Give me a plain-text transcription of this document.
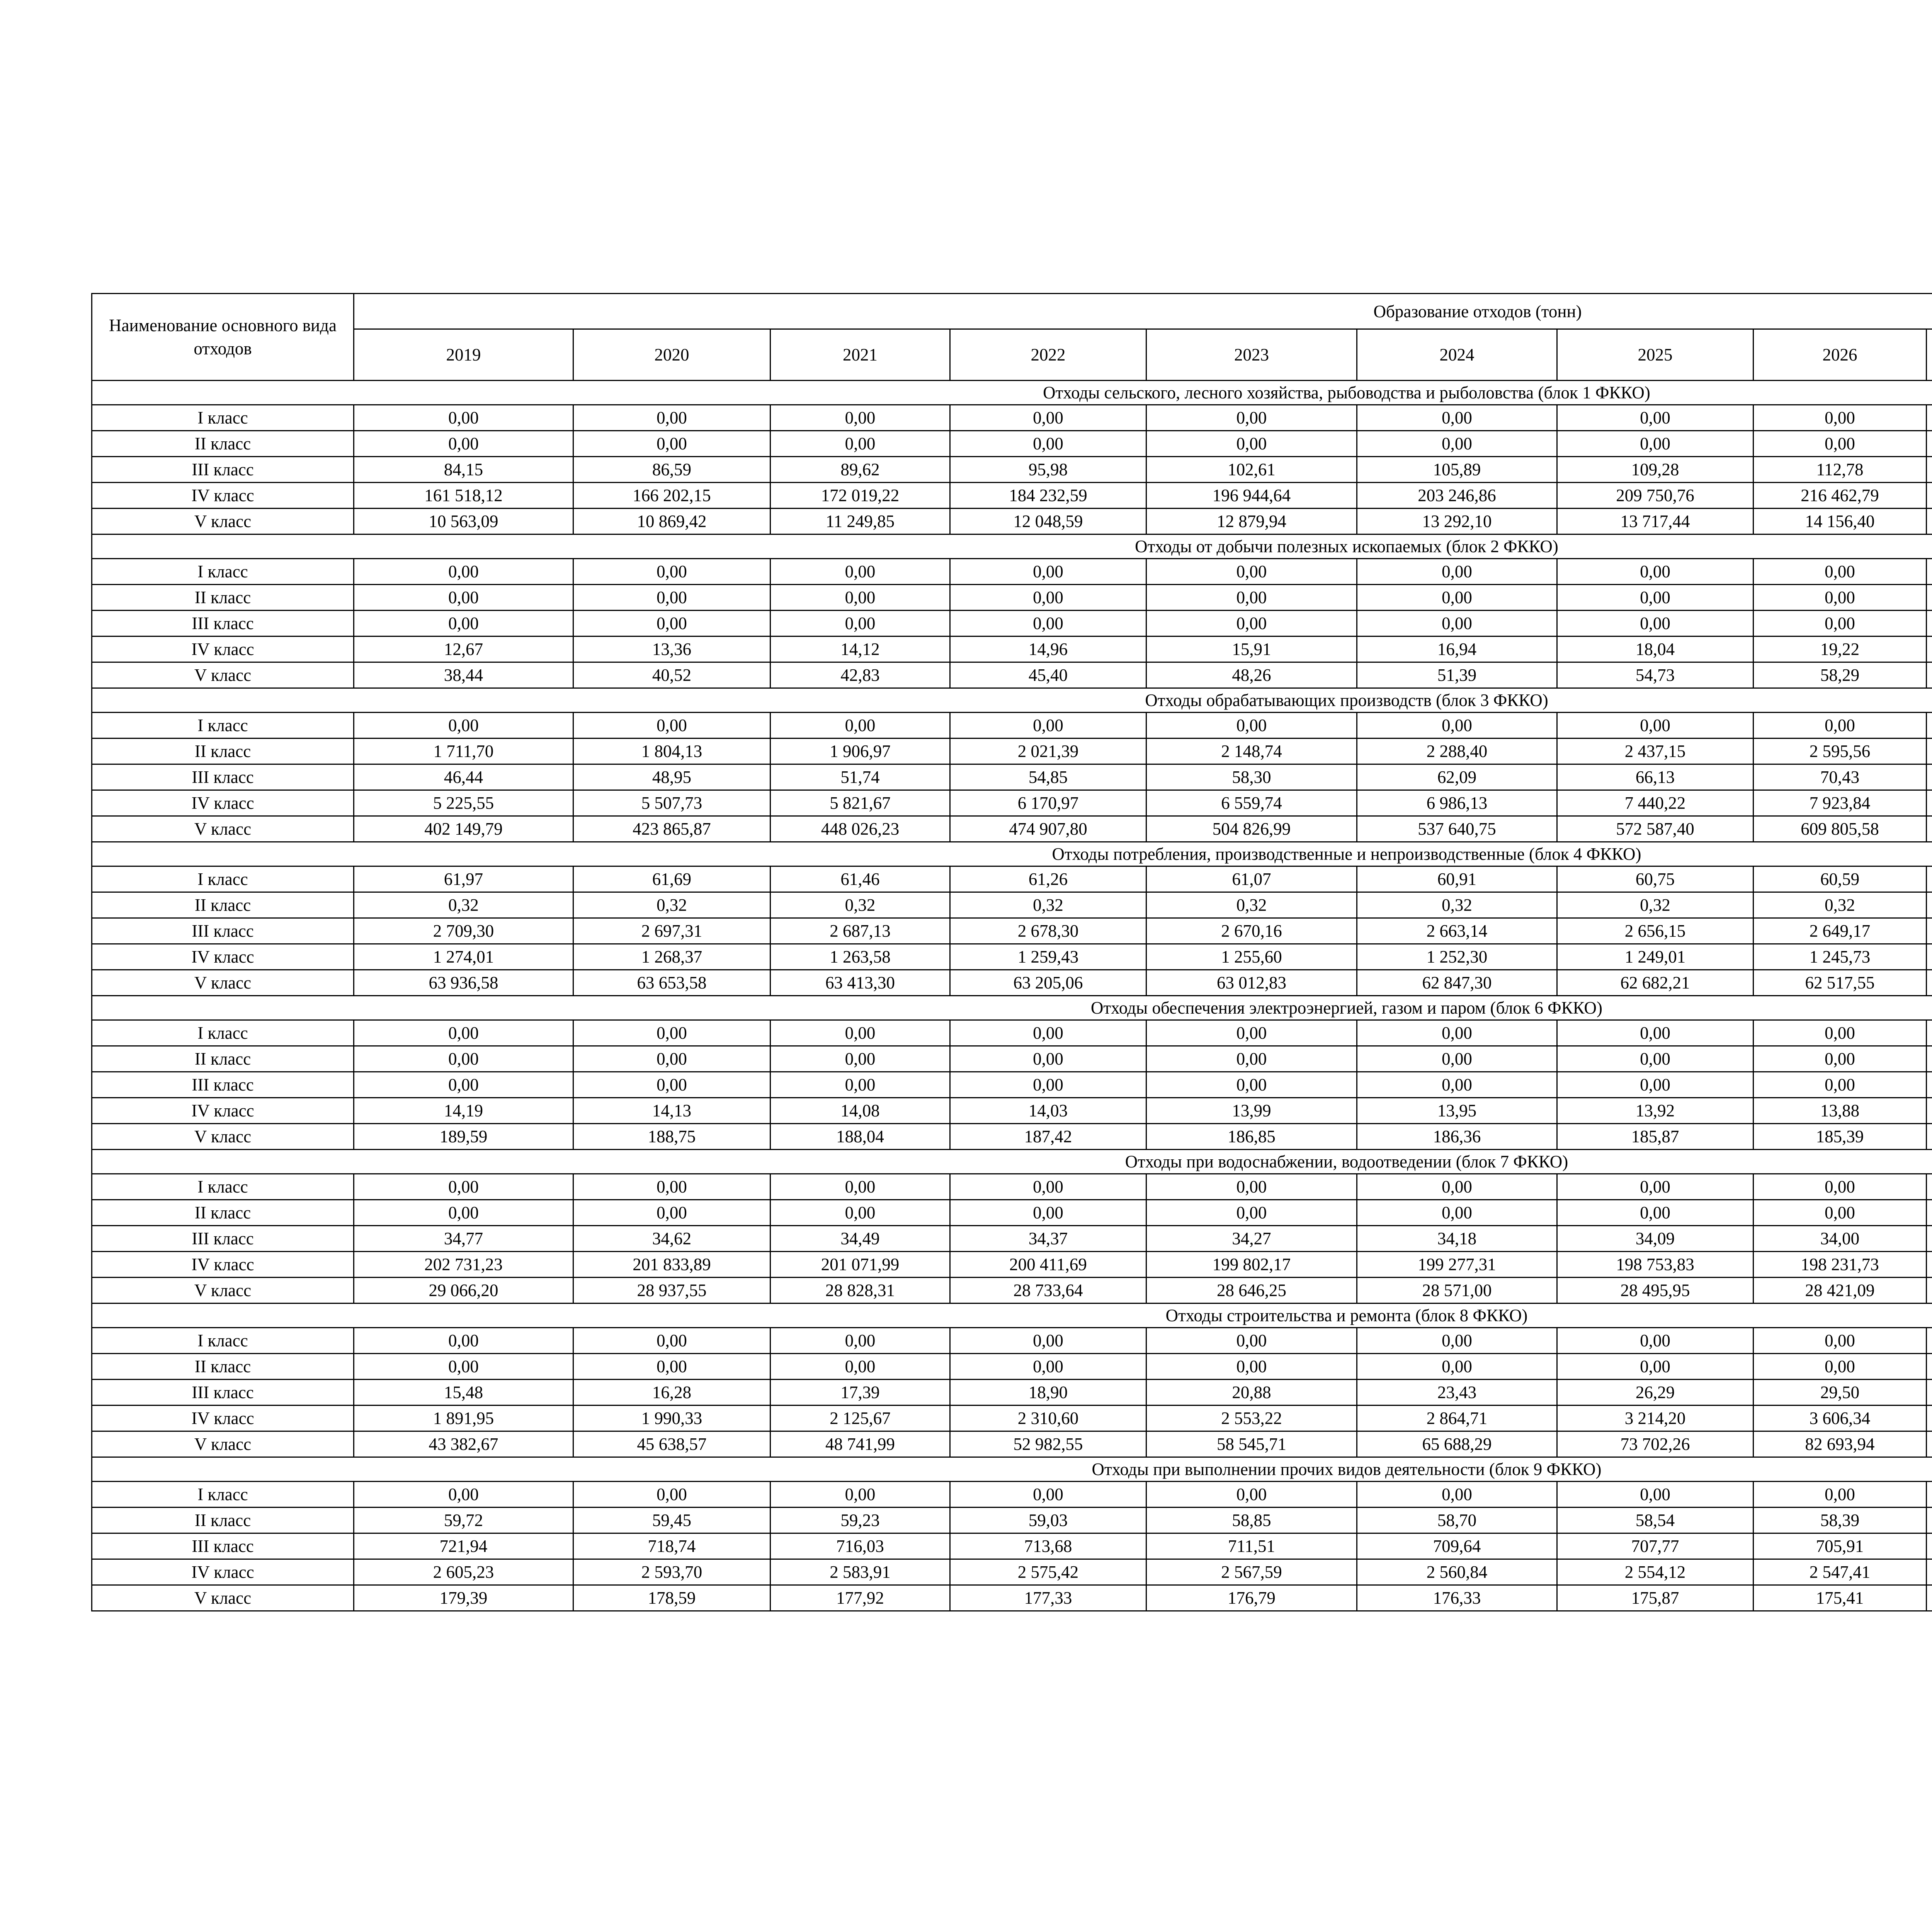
Наименование основного вида отходов	Образование отходов (тонн)											
	2019	2020	2021	2022	2023	2024	2025	2026				
Отходы сельского, лесного хозяйства, рыбоводства и рыболовства (блок 1 ФККО)												
I класс	0,00	0,00	0,00	0,00	0,00	0,00	0,00	0,00				
II класс	0,00	0,00	0,00	0,00	0,00	0,00	0,00	0,00				
III класс	84,15	86,59	89,62	95,98	102,61	105,89	109,28	112,78				
IV класс	161 518,12	166 202,15	172 019,22	184 232,59	196 944,64	203 246,86	209 750,76	216 462,79				
V класс	10 563,09	10 869,42	11 249,85	12 048,59	12 879,94	13 292,10	13 717,44	14 156,40				
Отходы от добычи полезных ископаемых (блок 2 ФККО)												
I класс	0,00	0,00	0,00	0,00	0,00	0,00	0,00	0,00				
II класс	0,00	0,00	0,00	0,00	0,00	0,00	0,00	0,00				
III класс	0,00	0,00	0,00	0,00	0,00	0,00	0,00	0,00				
IV класс	12,67	13,36	14,12	14,96	15,91	16,94	18,04	19,22				
V класс	38,44	40,52	42,83	45,40	48,26	51,39	54,73	58,29				
Отходы обрабатывающих производств (блок 3 ФККО)												
I класс	0,00	0,00	0,00	0,00	0,00	0,00	0,00	0,00				
II класс	1 711,70	1 804,13	1 906,97	2 021,39	2 148,74	2 288,40	2 437,15	2 595,56				
III класс	46,44	48,95	51,74	54,85	58,30	62,09	66,13	70,43				
IV класс	5 225,55	5 507,73	5 821,67	6 170,97	6 559,74	6 986,13	7 440,22	7 923,84				
V класс	402 149,79	423 865,87	448 026,23	474 907,80	504 826,99	537 640,75	572 587,40	609 805,58				
Отходы потребления, производственные и непроизводственные (блок 4 ФККО)												
I класс	61,97	61,69	61,46	61,26	61,07	60,91	60,75	60,59				
II класс	0,32	0,32	0,32	0,32	0,32	0,32	0,32	0,32				
III класс	2 709,30	2 697,31	2 687,13	2 678,30	2 670,16	2 663,14	2 656,15	2 649,17				
IV класс	1 274,01	1 268,37	1 263,58	1 259,43	1 255,60	1 252,30	1 249,01	1 245,73				
V класс	63 936,58	63 653,58	63 413,30	63 205,06	63 012,83	62 847,30	62 682,21	62 517,55				
Отходы обеспечения электроэнергией, газом и паром (блок 6 ФККО)												
I класс	0,00	0,00	0,00	0,00	0,00	0,00	0,00	0,00				
II класс	0,00	0,00	0,00	0,00	0,00	0,00	0,00	0,00				
III класс	0,00	0,00	0,00	0,00	0,00	0,00	0,00	0,00				
IV класс	14,19	14,13	14,08	14,03	13,99	13,95	13,92	13,88				
V класс	189,59	188,75	188,04	187,42	186,85	186,36	185,87	185,39				
Отходы при водоснабжении, водоотведении (блок 7 ФККО)												
I класс	0,00	0,00	0,00	0,00	0,00	0,00	0,00	0,00				
II класс	0,00	0,00	0,00	0,00	0,00	0,00	0,00	0,00				
III класс	34,77	34,62	34,49	34,37	34,27	34,18	34,09	34,00				
IV класс	202 731,23	201 833,89	201 071,99	200 411,69	199 802,17	199 277,31	198 753,83	198 231,73				
V класс	29 066,20	28 937,55	28 828,31	28 733,64	28 646,25	28 571,00	28 495,95	28 421,09				
Отходы строительства и ремонта (блок 8 ФККО)												
I класс	0,00	0,00	0,00	0,00	0,00	0,00	0,00	0,00				
II класс	0,00	0,00	0,00	0,00	0,00	0,00	0,00	0,00				
III класс	15,48	16,28	17,39	18,90	20,88	23,43	26,29	29,50				
IV класс	1 891,95	1 990,33	2 125,67	2 310,60	2 553,22	2 864,71	3 214,20	3 606,34				
V класс	43 382,67	45 638,57	48 741,99	52 982,55	58 545,71	65 688,29	73 702,26	82 693,94				
Отходы при выполнении прочих видов деятельности (блок 9 ФККО)												
I класс	0,00	0,00	0,00	0,00	0,00	0,00	0,00	0,00				
II класс	59,72	59,45	59,23	59,03	58,85	58,70	58,54	58,39				
III класс	721,94	718,74	716,03	713,68	711,51	709,64	707,77	705,91				
IV класс	2 605,23	2 593,70	2 583,91	2 575,42	2 567,59	2 560,84	2 554,12	2 547,41				
V класс	179,39	178,59	177,92	177,33	176,79	176,33	175,87	175,41				
